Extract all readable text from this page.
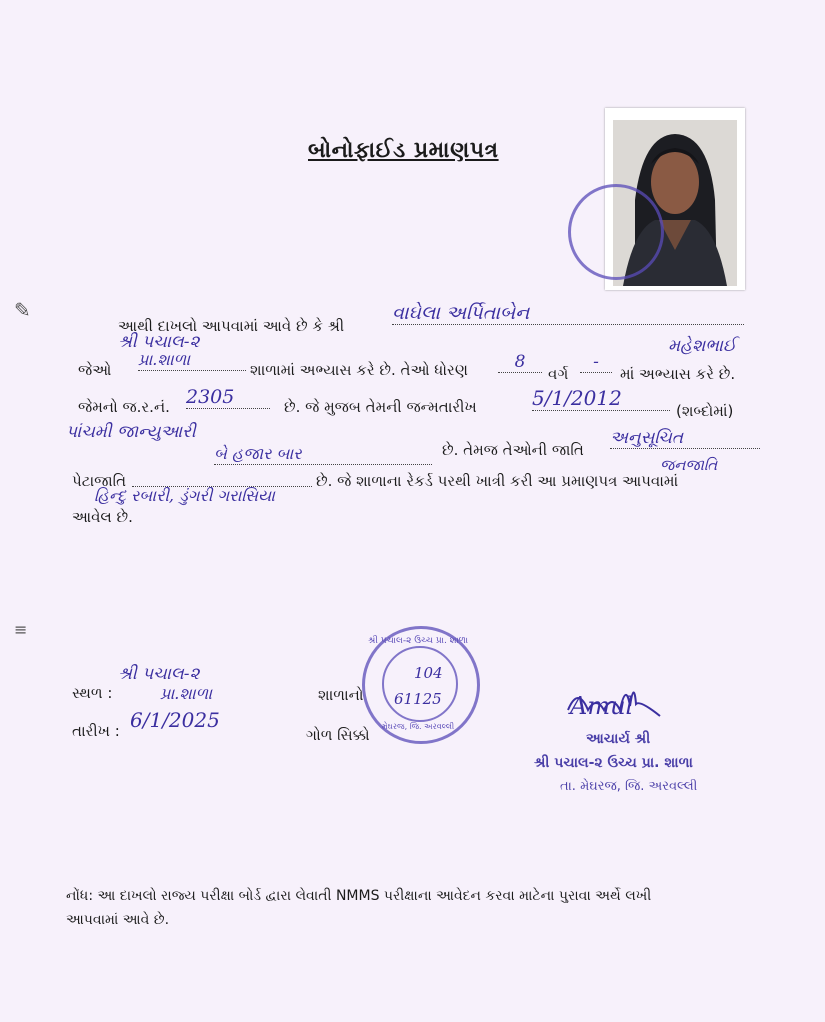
બોનોફાઈડ પ્રમાણપત્ર
✎
≡
આથી દાખલો આપવામાં આવે છે કે શ્રી
વાઘેલા અર્પિતાબેન
મહેશભાઈ
જેઓ
શ્રી પચાલ-૨
પ્રા.શાળા
શાળામાં અભ્યાસ કરે છે. તેઓ ધોરણ	8
વર્ગ
-
માં અભ્યાસ કરે છે.
જેમનો જ.ર.નં. 2305	છે. જે મુજબ તેમની જન્મતારીખ	5/1/2012
(શબ્દોમાં)
પાંચમી જાન્યુઆરી
બે હજાર બાર	છે. તેમજ તેઓની જાતિ
અનુસૂચિત
જનજાતિ
પેટાજાતિ	છે. જે શાળાના રેકર્ડ પરથી ખાત્રી કરી આ પ્રમાણપત્ર આપવામાં
હિન્દુ રબારી, ડુંગરી ગરાસિયા
આવેલ છે.
સ્થળ :
શ્રી પચાલ-૨
પ્રા.શાળા	શાળાનો
તારીખ : 6/1/2025
ગોળ સિક્કો
શ્રી પચાલ-૨ ઉચ્ચ પ્રા. શાળા
મેઘરજ, જિ. અરવલ્લી
104
61125	Amul
આચાર્ય શ્રી
શ્રી પચાલ-૨ ઉચ્ચ પ્રા. શાળા
તા. મેઘરજ, જિ. અરવલ્લી
નોંધ: આ દાખલો રાજ્ય પરીક્ષા બોર્ડ દ્વારા લેવાતી NMMS પરીક્ષાના આવેદન કરવા માટેના પુરાવા અર્થે લખી આપવામાં આવે છે.
